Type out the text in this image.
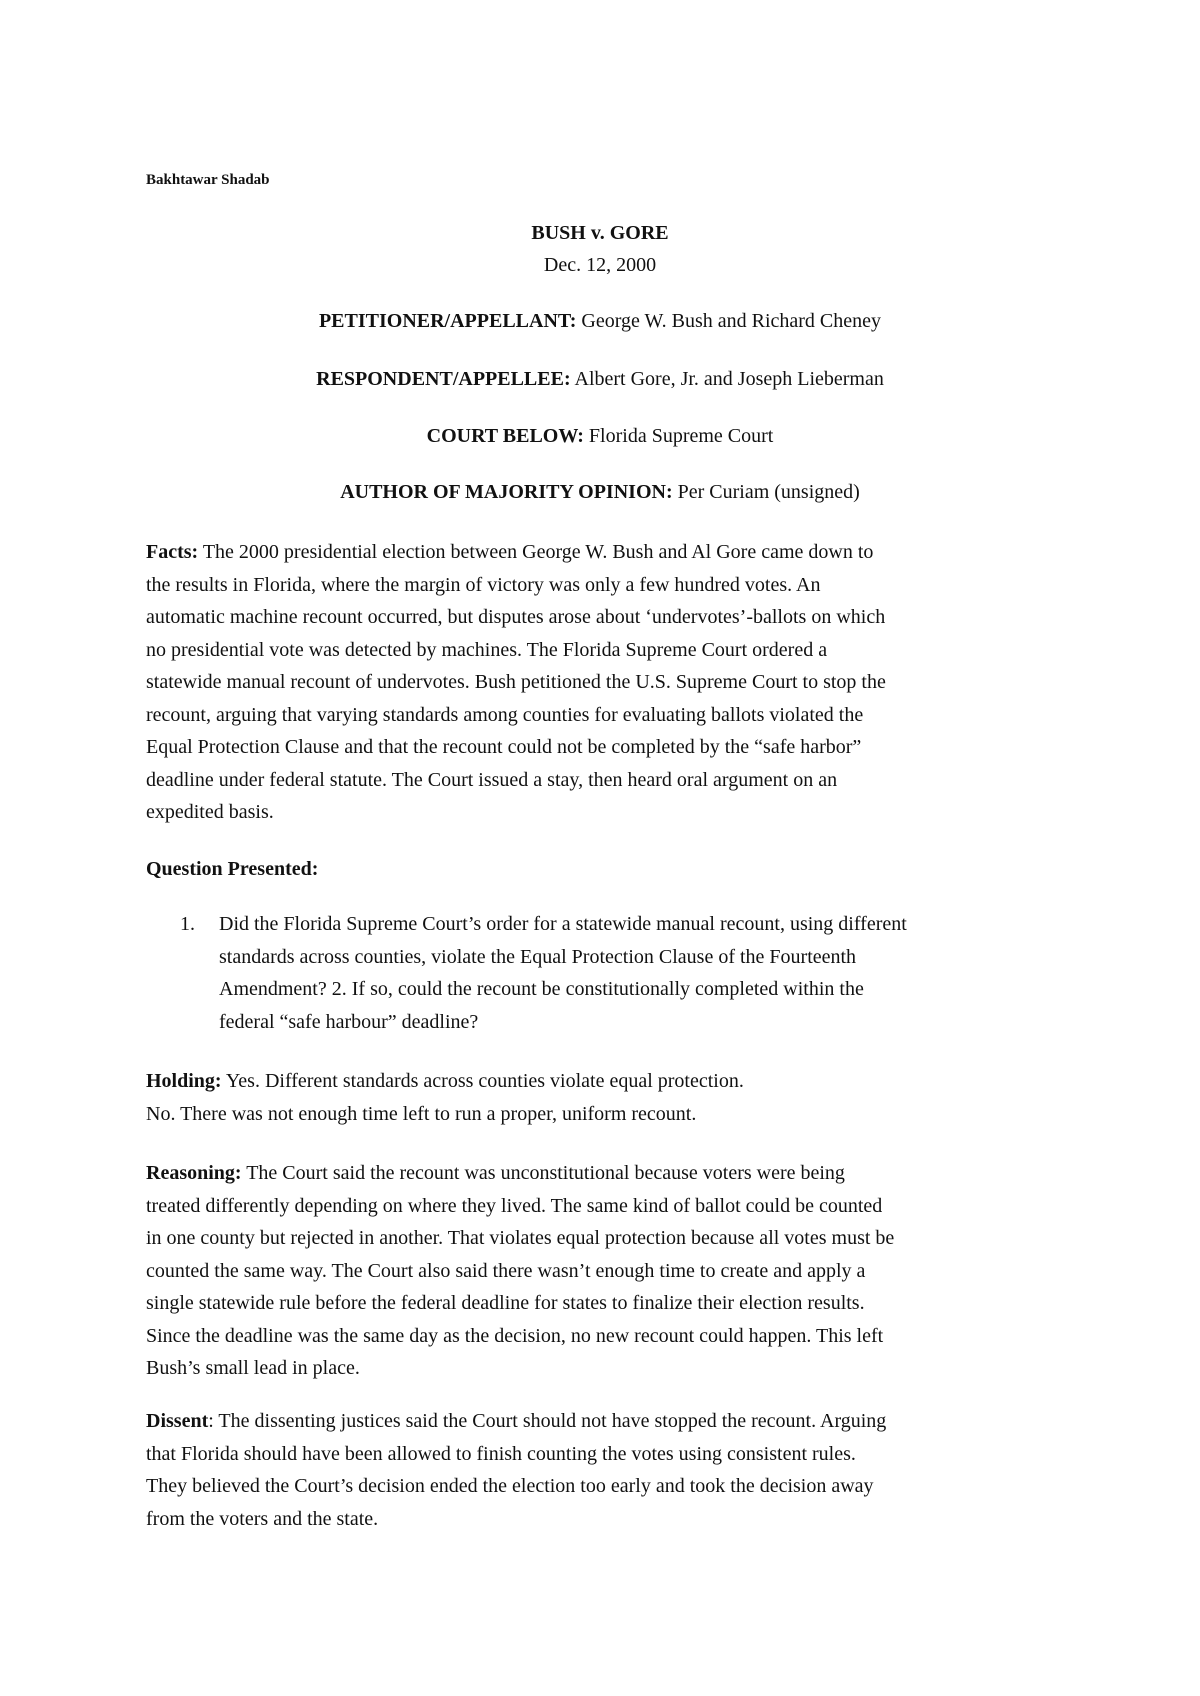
Bakhtawar Shadab
BUSH v. GORE
Dec. 12, 2000
PETITIONER/APPELLANT: George W. Bush and Richard Cheney
RESPONDENT/APPELLEE: Albert Gore, Jr. and Joseph Lieberman
COURT BELOW: Florida Supreme Court
AUTHOR OF MAJORITY OPINION: Per Curiam (unsigned)
Facts: The 2000 presidential election between George W. Bush and Al Gore came down to
the results in Florida, where the margin of victory was only a few hundred votes. An
automatic machine recount occurred, but disputes arose about ‘undervotes’-ballots on which
no presidential vote was detected by machines. The Florida Supreme Court ordered a
statewide manual recount of undervotes. Bush petitioned the U.S. Supreme Court to stop the
recount, arguing that varying standards among counties for evaluating ballots violated the
Equal Protection Clause and that the recount could not be completed by the “safe harbor”
deadline under federal statute. The Court issued a stay, then heard oral argument on an
expedited basis.
Question Presented:
1.	Did the Florida Supreme Court’s order for a statewide manual recount, using different
standards across counties, violate the Equal Protection Clause of the Fourteenth
Amendment? 2. If so, could the recount be constitutionally completed within the
federal “safe harbour” deadline?
Holding: Yes. Different standards across counties violate equal protection.
No. There was not enough time left to run a proper, uniform recount.
Reasoning: The Court said the recount was unconstitutional because voters were being
treated differently depending on where they lived. The same kind of ballot could be counted
in one county but rejected in another. That violates equal protection because all votes must be
counted the same way. The Court also said there wasn’t enough time to create and apply a
single statewide rule before the federal deadline for states to finalize their election results.
Since the deadline was the same day as the decision, no new recount could happen. This left
Bush’s small lead in place.
Dissent: The dissenting justices said the Court should not have stopped the recount. Arguing
that Florida should have been allowed to finish counting the votes using consistent rules.
They believed the Court’s decision ended the election too early and took the decision away
from the voters and the state.
